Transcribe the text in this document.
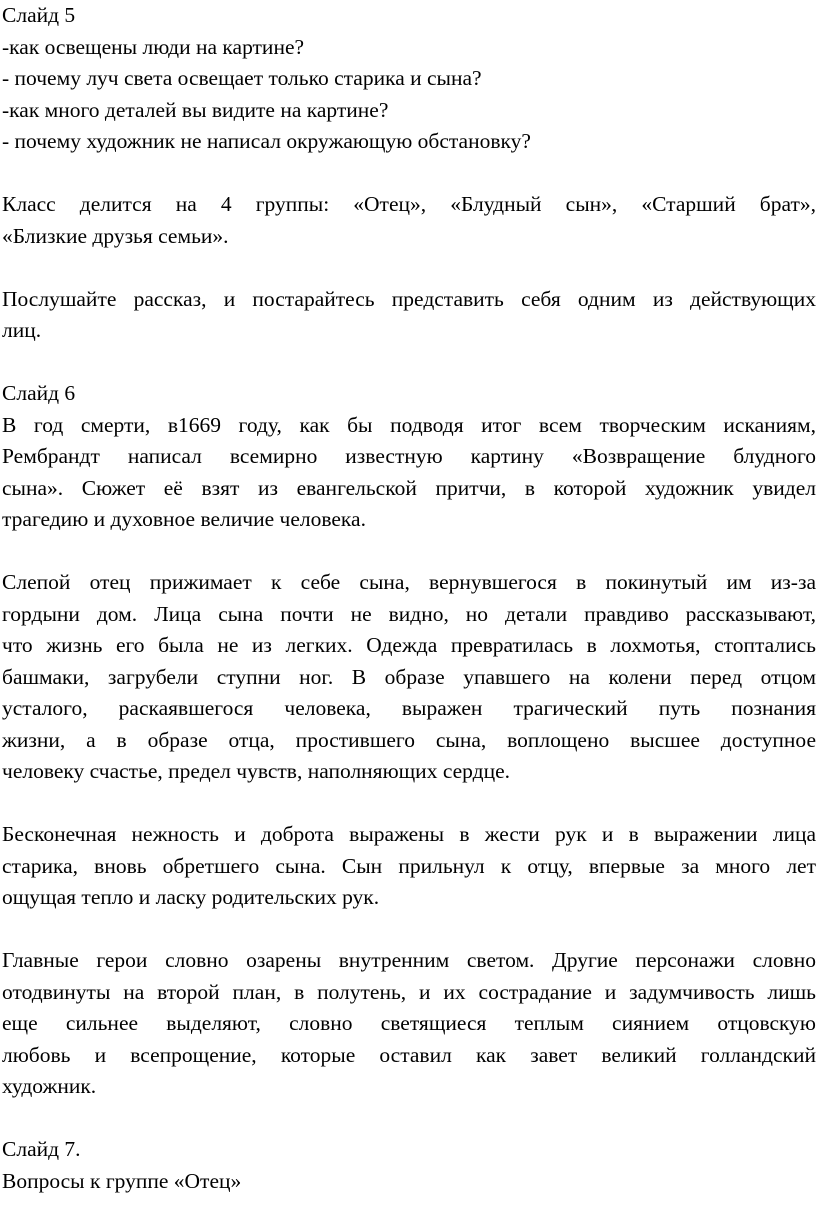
Слайд 5
-как освещены люди на картине?
- почему луч света освещает только старика и сына?
-как много деталей вы видите на картине?
- почему художник не написал окружающую обстановку?
Класс делится на 4 группы: «Отец», «Блудный сын», «Старший брат»,
«Близкие друзья семьи».
Послушайте рассказ, и постарайтесь представить себя одним из действующих
лиц.
Слайд 6
В год смерти, в1669 году, как бы подводя итог всем творческим исканиям,
Рембрандт написал всемирно известную картину «Возвращение блудного
сына». Сюжет её взят из евангельской притчи, в которой художник увидел
трагедию и духовное величие человека.
Слепой отец прижимает к себе сына, вернувшегося в покинутый им из-за
гордыни дом. Лица сына почти не видно, но детали правдиво рассказывают,
что жизнь его была не из легких. Одежда превратилась в лохмотья, стоптались
башмаки, загрубели ступни ног. В образе упавшего на колени перед отцом
усталого, раскаявшегося человека, выражен трагический путь познания
жизни, а в образе отца, простившего сына, воплощено высшее доступное
человеку счастье, предел чувств, наполняющих сердце.
Бесконечная нежность и доброта выражены в жести рук и в выражении лица
старика, вновь обретшего сына. Сын прильнул к отцу, впервые за много лет
ощущая тепло и ласку родительских рук.
Главные герои словно озарены внутренним светом. Другие персонажи словно
отодвинуты на второй план, в полутень, и их сострадание и задумчивость лишь
еще сильнее выделяют, словно светящиеся теплым сиянием отцовскую
любовь и всепрощение, которые оставил как завет великий голландский
художник.
Слайд 7.
Вопросы к группе «Отец»
